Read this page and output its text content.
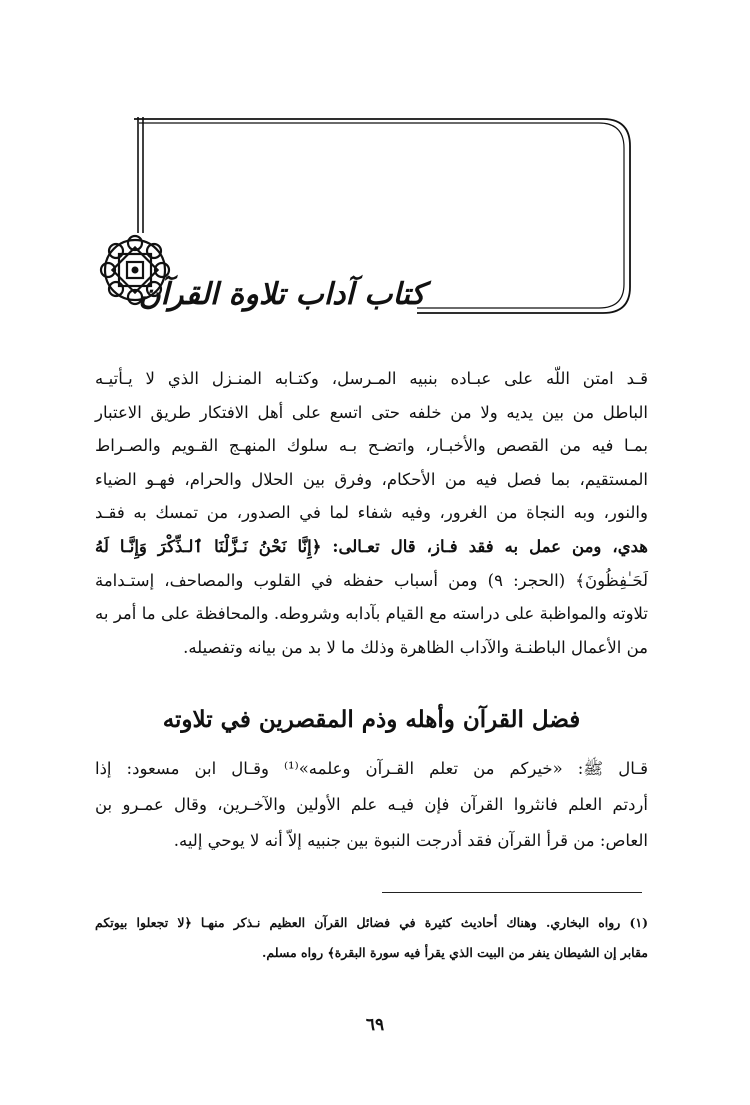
كتاب آداب تلاوة القرآن
قـد امتن اللّه على عبـاده بنبيه المـرسل، وكتـابه المنـزل الذي لا يـأتيـه
الباطل من بين يديه ولا من خلفه حتى اتسع على أهل الافتكار طريق الاعتبار
بمـا فيه من القصص والأخبـار، واتضـح بـه سلوك المنهـج القـويم والصـراط
المستقيم، بما فصل فيه من الأحكام، وفرق بين الحلال والحرام، فهـو الضياء
والنور، وبه النجاة من الغرور، وفيه شفاء لما في الصدور، من تمسك به فقـد
هدي، ومن عمل به فقد فـاز، قال تعـالى: ﴿إِنَّا نَحْنُ نَـزَّلْنَا ٱلـذِّكْرَ وَإِنَّـا لَهُ
لَحَـٰفِظُونَ﴾ (الحجر: ٩) ومن أسباب حفظه في القلوب والمصاحف، إستـدامة
تلاوته والمواظبة على دراسته مع القيام بآدابه وشروطه. والمحافظة على ما أمر به
من الأعمال الباطنـة والآداب الظاهرة وذلك ما لا بد من بيانه وتفصيله.
فضل القرآن وأهله وذم المقصرين في تلاوته
قـال ﷺ: «خيركم من تعلم القـرآن وعلمه»⁽¹⁾ وقـال ابن مسعود: إذا
أردتم العلم فانثروا القرآن فإن فيـه علم الأولين والآخـرين، وقال عمـرو بن
العاص: من قرأ القرآن فقد أدرجت النبوة بين جنبيه إلاّ أنه لا يوحي إليه.
(١) رواه البخاري. وهناك أحاديث كثيرة في فضائل القرآن العظيم نـذكر منهـا ﴿لا تجعلوا بيوتكم
مقابر إن الشيطان ينفر من البيت الذي يقرأ فيه سورة البقرة﴾ رواه مسلم.
٦٩
